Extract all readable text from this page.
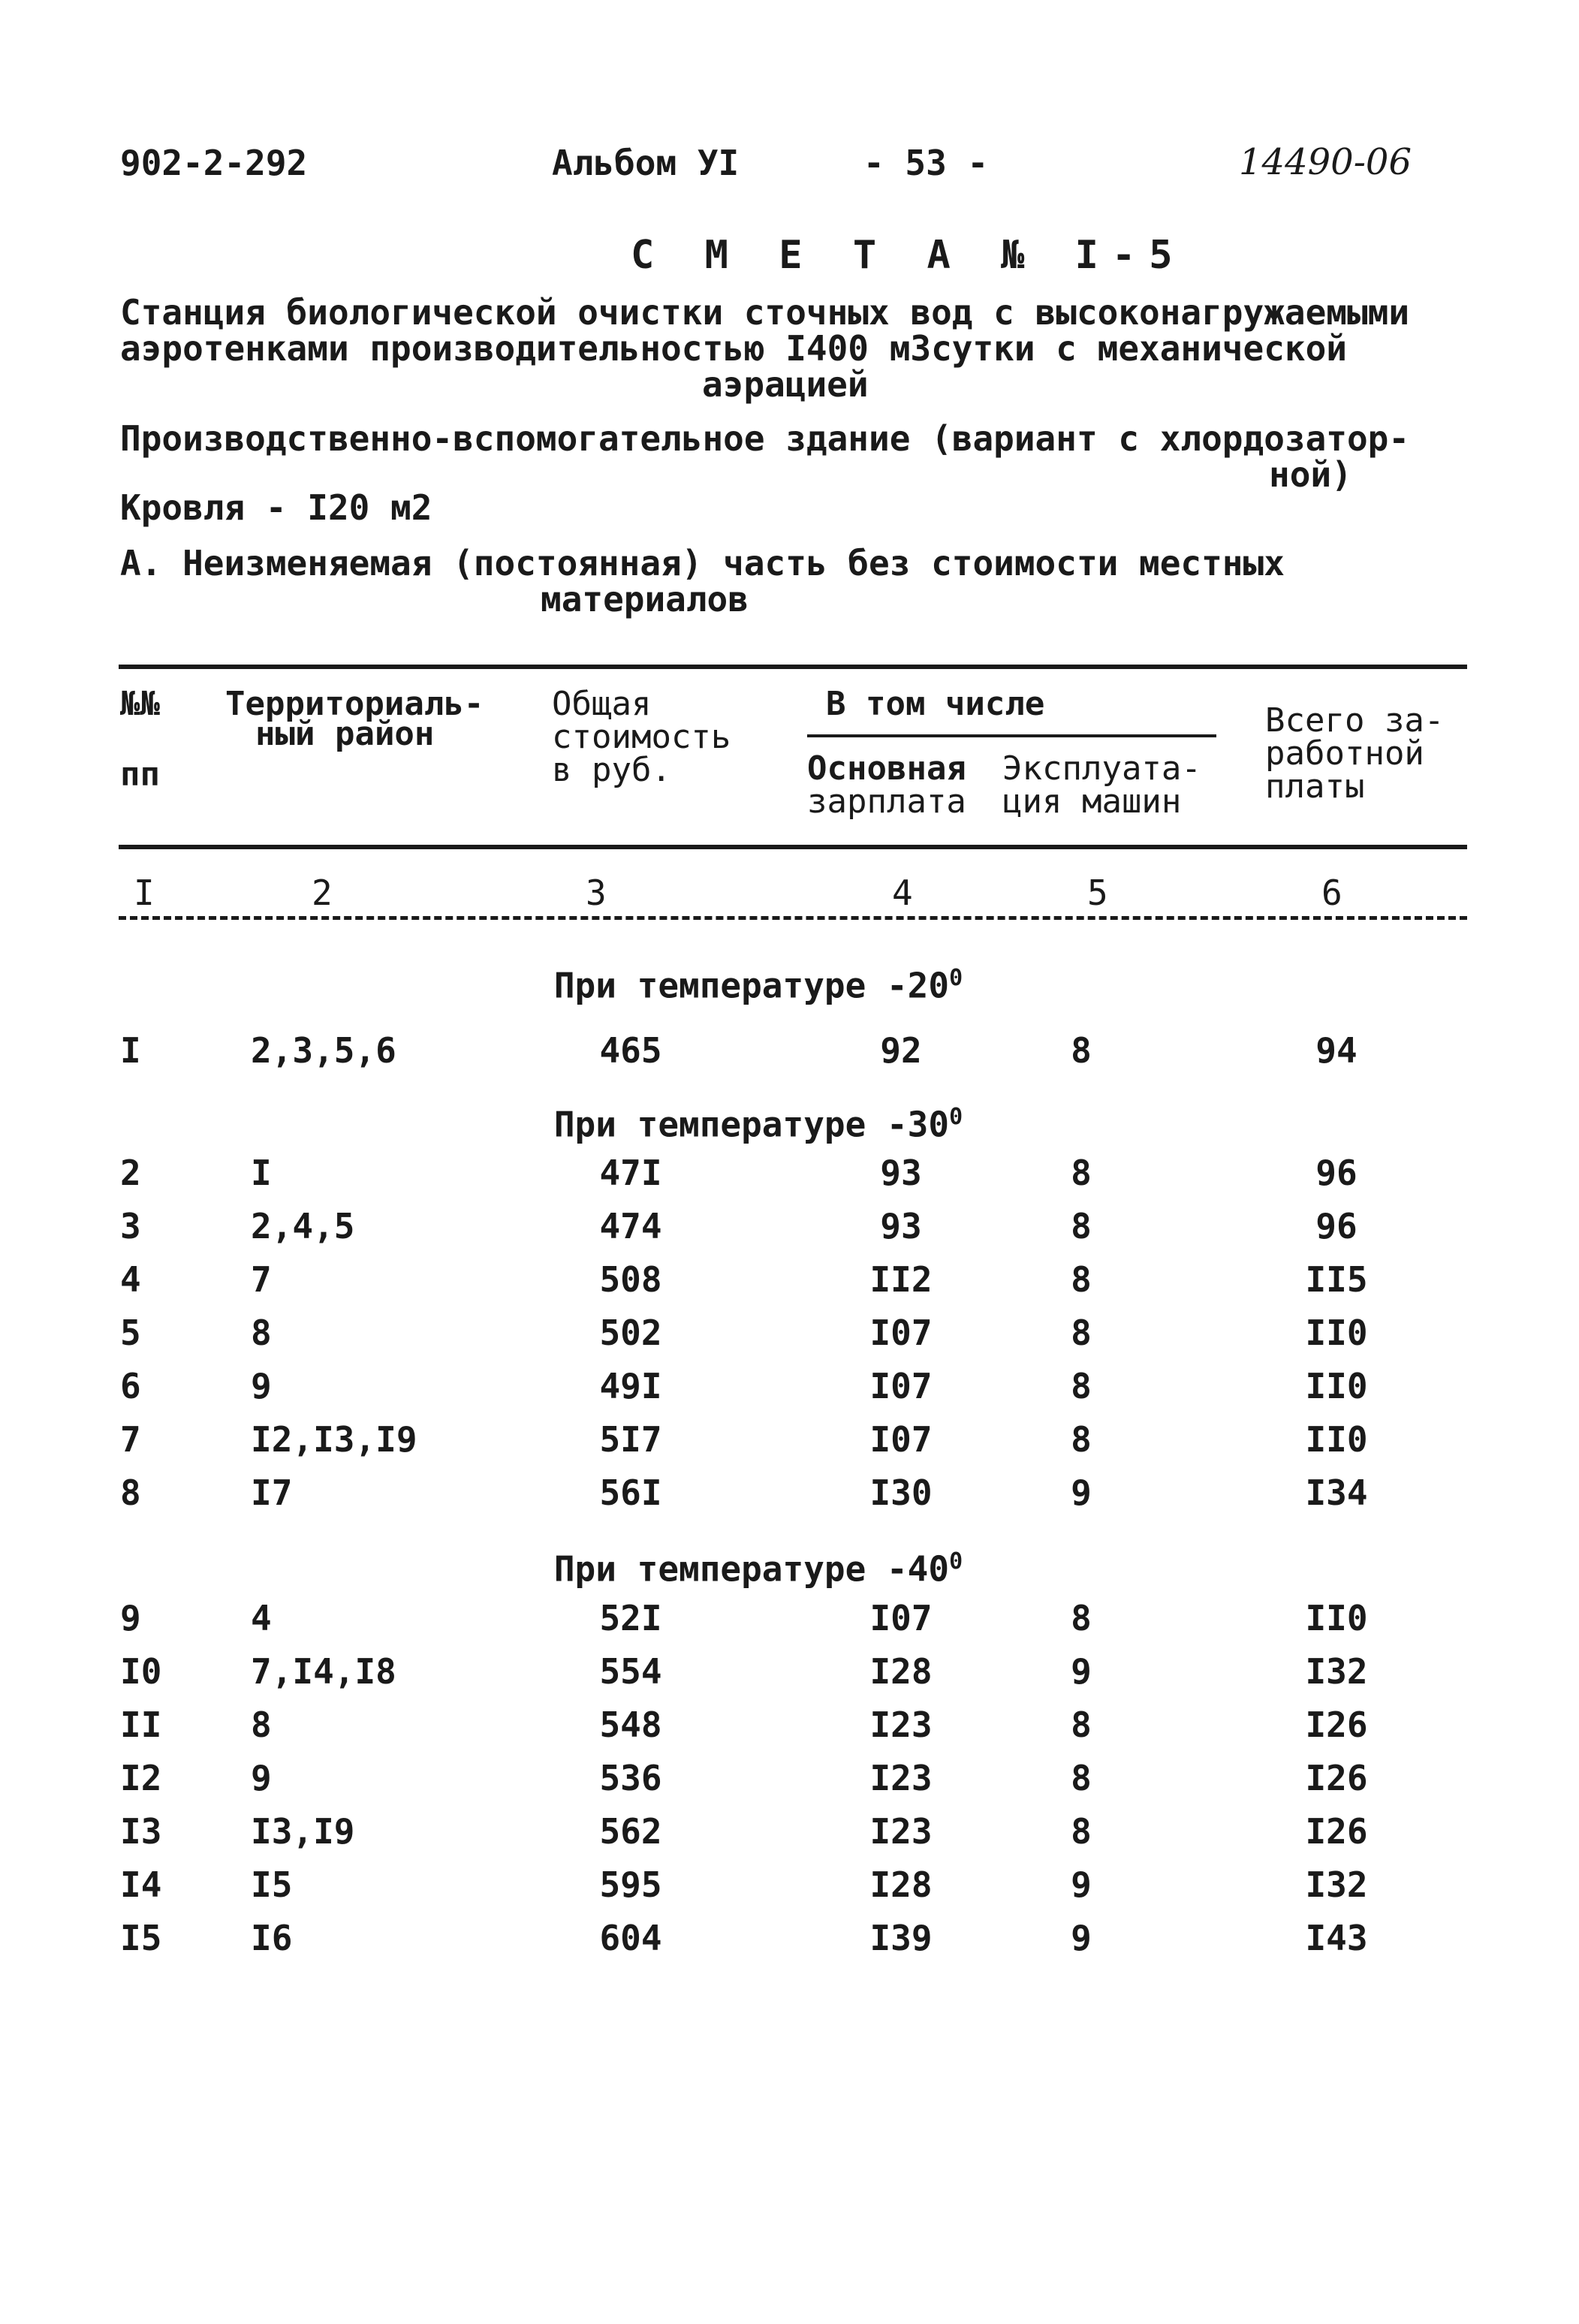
902-2-292	Альбом УI	- 53 -	14490-06
С М Е Т А № I-5
Станция биологической очистки сточных вод с высоконагружаемыми
аэротенками производительностью I400 м3сутки с механической
аэрацией
Производственно-вспомогательное здание (вариант с хлордозатор-
ной)
Кровля - I20 м2
А. Неизменяемая (постоянная) часть без стоимости местных
материалов
№№
пп
Территориаль-
ный район
Общая
стоимость
в руб.
В том числе
Основная
зарплата
Эксплуата-
ция машин
Всего за-
работной
платы
I	2	3	4	5	6
При температуре $-20^0$
I	2,3,5,6	465	92	8	94
При температуре $-30^0$
2	I	47I	93	8	96
3	2,4,5	474	93	8	96
4	7	508	II2	8	II5
5	8	502	I07	8	II0
6	9	49I	I07	8	II0
7	I2,I3,I9	5I7	I07	8	II0
8	I7	56I	I30	9	I34
При температуре $-40^0$
9	4	52I	I07	8	II0
I0	7,I4,I8	554	I28	9	I32
II	8	548	I23	8	I26
I2	9	536	I23	8	I26
I3	I3,I9	562	I23	8	I26
I4	I5	595	I28	9	I32
I5	I6	604	I39	9	I43
